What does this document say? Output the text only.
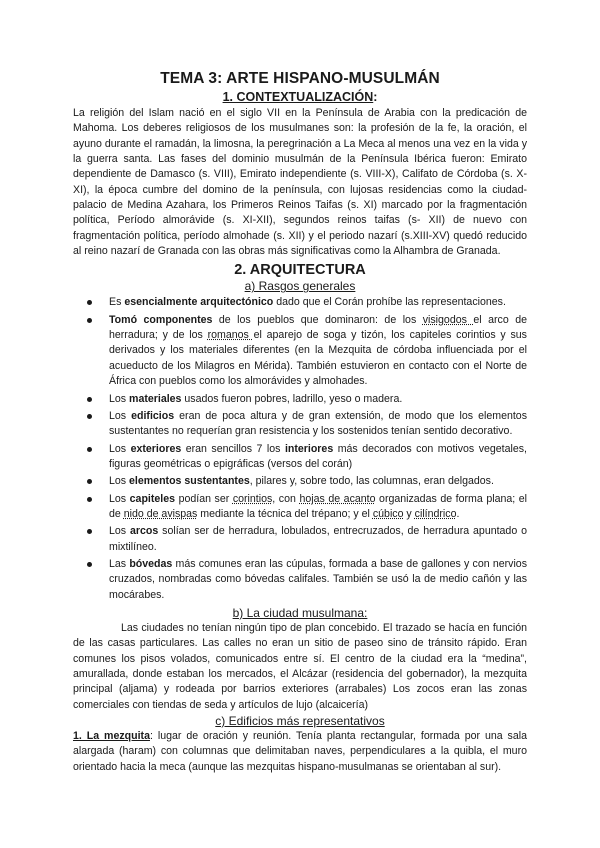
TEMA 3: ARTE HISPANO-MUSULMÁN
1. CONTEXTUALIZACIÓN:

La religión del Islam nació en el siglo VII en la Península de Arabia con la predicación de Mahoma. Los deberes religiosos de los musulmanes son: la profesión de la fe, la oración, el ayuno durante el ramadán, la limosna, la peregrinación a La Meca al menos una vez en la vida y la guerra santa. Las fases del dominio musulmán de la Península Ibérica fueron: Emirato dependiente de Damasco (s. VIII), Emirato independiente (s. VIII-X), Califato de Córdoba (s. X-XI), la época cumbre del domino de la península, con lujosas residencias como la ciudad-palacio de Medina Azahara, los Primeros Reinos Taifas (s. XI) marcado por la fragmentación política, Período almorávide (s. XI-XII), segundos reinos taifas (s- XII) de nuevo con fragmentación política, período almohade (s. XII) y el periodo nazarí (s.XIII-XV) quedó reducido al reino nazarí de Granada con las obras más significativas como la Alhambra de Granada.

2. ARQUITECTURA
a) Rasgos generales
Es esencialmente arquitectónico dado que el Corán prohíbe las representaciones.
Tomó componentes de los pueblos que dominaron: de los visigodos el arco de herradura; y de los romanos el aparejo de soga y tizón, los capiteles corintios y sus derivados y los materiales diferentes (en la Mezquita de córdoba influenciada por el acueducto de los Milagros en Mérida). También estuvieron en contacto con el Norte de África con pueblos como los almorávides y almohades.
Los materiales usados fueron pobres, ladrillo, yeso o madera.
Los edificios eran de poca altura y de gran extensión, de modo que los elementos sustentantes no requerían gran resistencia y los sostenidos tenían sentido decorativo.
Los exteriores eran sencillos 7 los interiores más decorados con motivos vegetales, figuras geométricas o epigráficas (versos del corán)
Los elementos sustentantes, pilares y, sobre todo, las columnas, eran delgados.
Los capiteles podían ser corintios, con hojas de acanto organizadas de forma plana; el de nido de avispas mediante la técnica del trépano; y el cúbico y cilíndrico.
Los arcos solían ser de herradura, lobulados, entrecruzados, de herradura apuntado o mixtilíneo.
Las bóvedas más comunes eran las cúpulas, formada a base de gallones y con nervios cruzados, nombradas como bóvedas califales. También se usó la de medio cañón y las mocárabes.
b) La ciudad musulmana:

Las ciudades no tenían ningún tipo de plan concebido. El trazado se hacía en función de las casas particulares. Las calles no eran un sitio de paseo sino de tránsito rápido. Eran comunes los pisos volados, comunicados entre sí. El centro de la ciudad era la “medina”, amurallada, donde estaban los mercados, el Alcázar (residencia del gobernador), la mezquita principal (aljama) y rodeada por barrios exteriores (arrabales) Los zocos eran las zonas comerciales con tiendas de seda y artículos de lujo (alcaicería)

c) Edificios más representativos

1. La mezquita: lugar de oración y reunión. Tenía planta rectangular, formada por una sala alargada (haram) con columnas que delimitaban naves, perpendiculares a la quibla, el muro orientado hacia la meca (aunque las mezquitas hispano-musulmanas se orientaban al sur).
